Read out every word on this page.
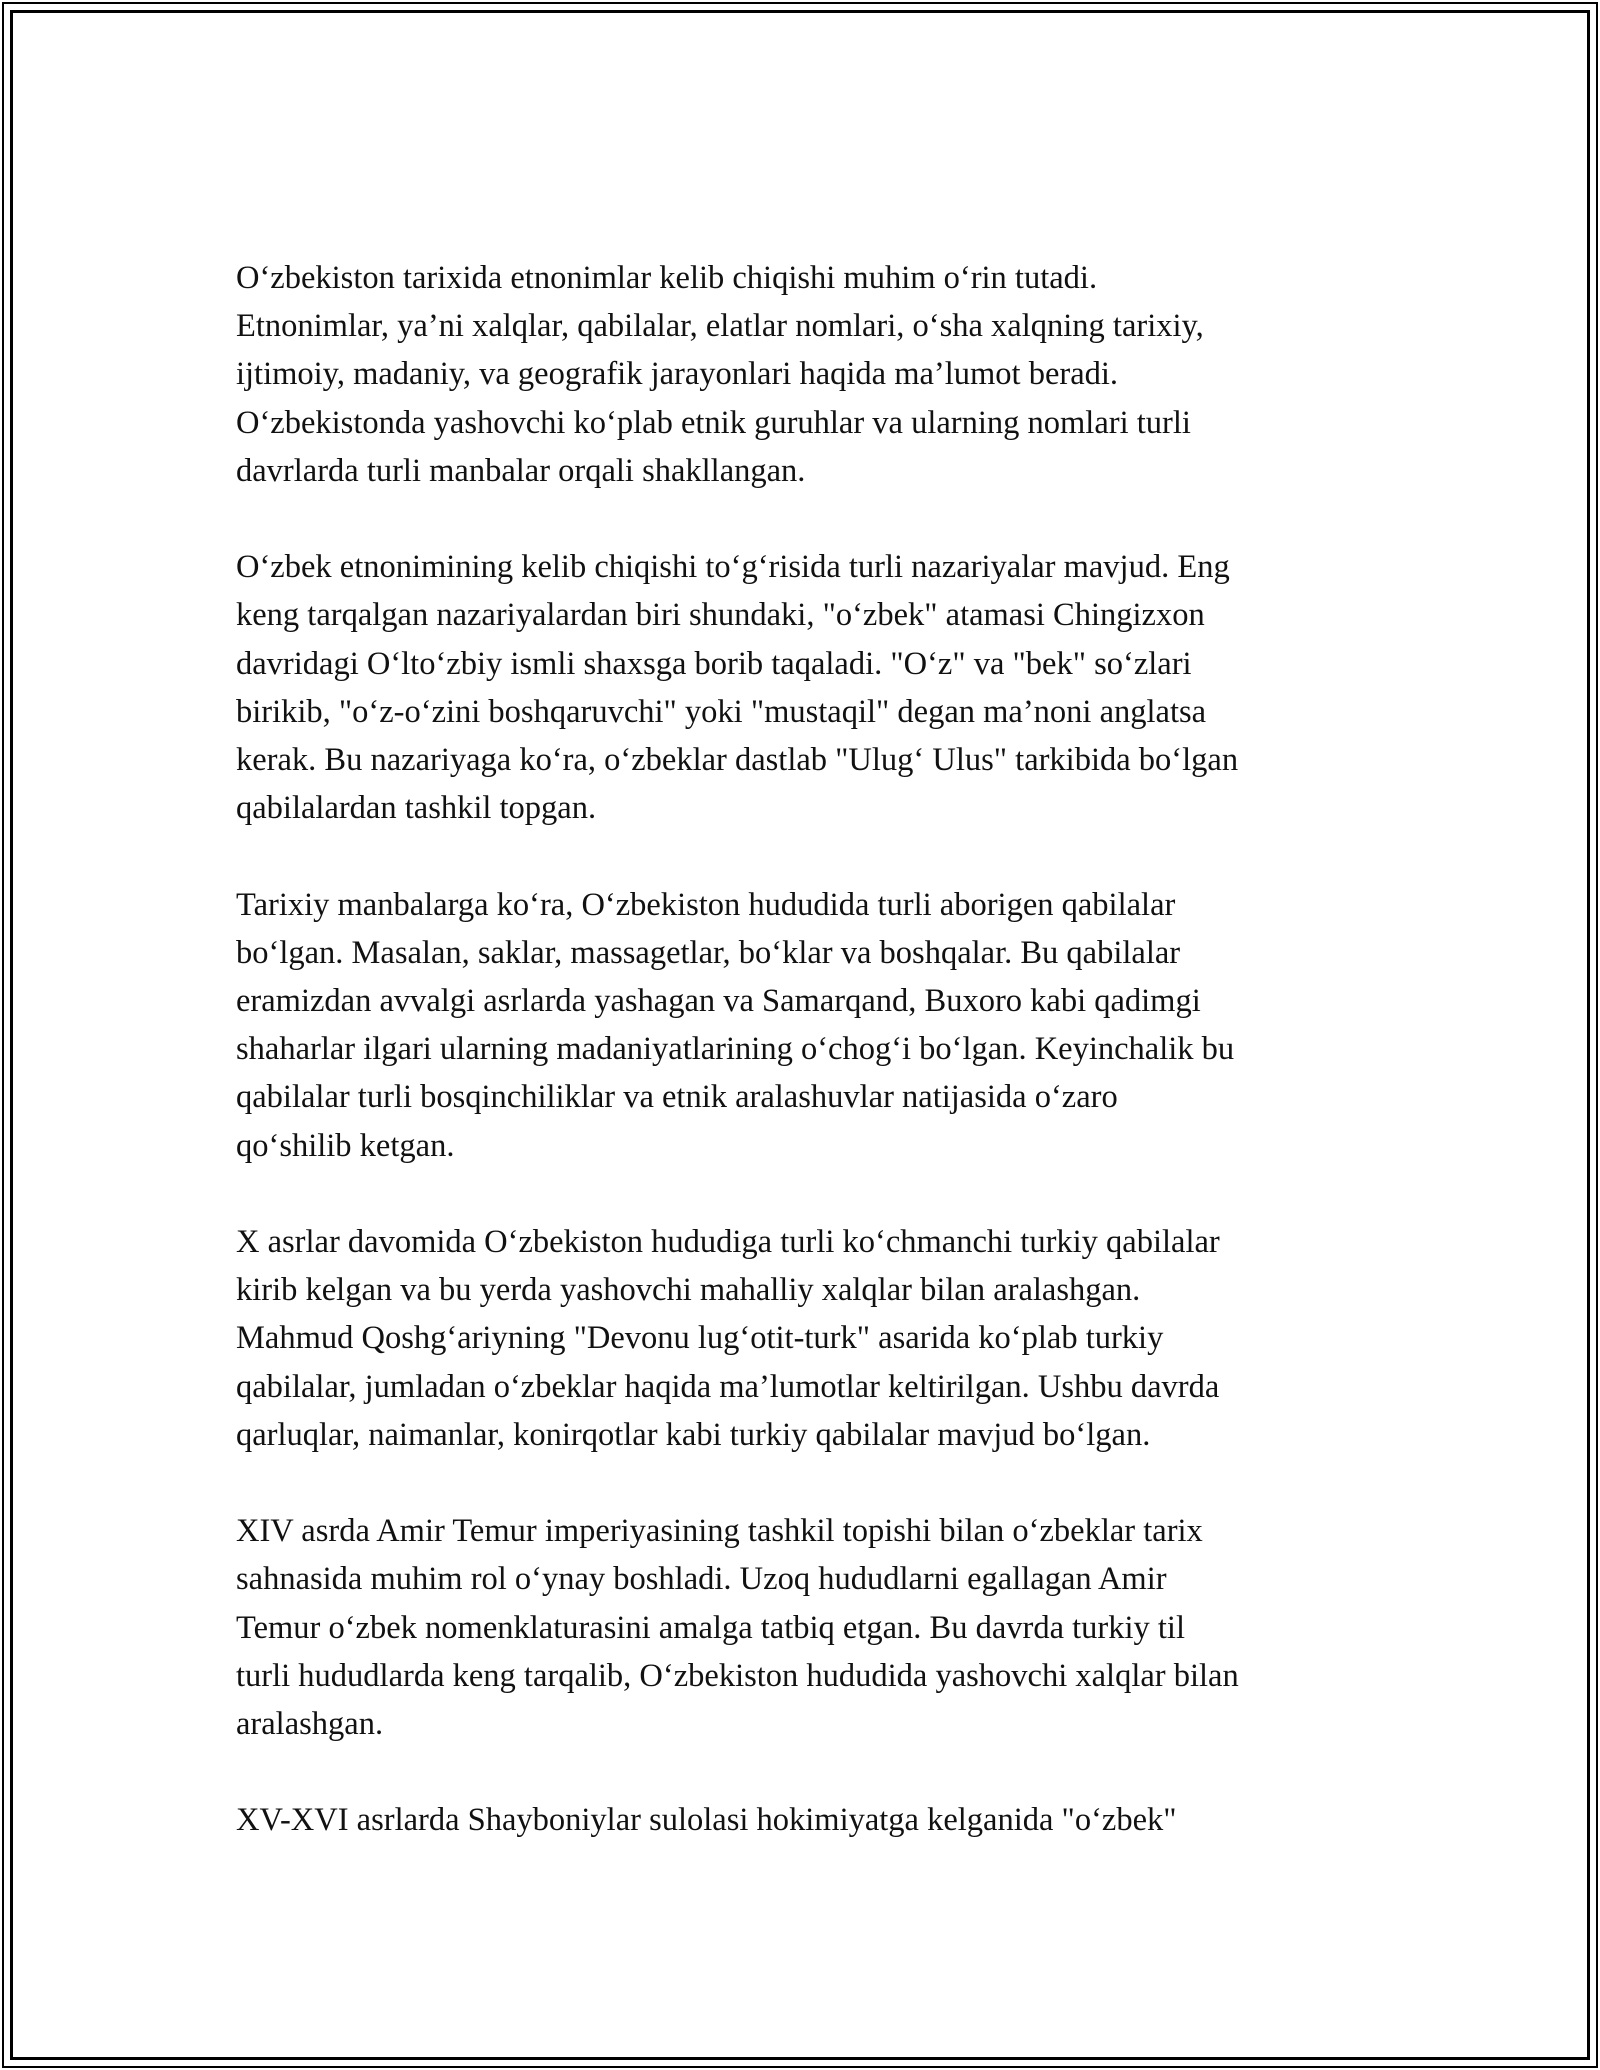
O‘zbekiston tarixida etnonimlar kelib chiqishi muhim o‘rin tutadi.
Etnonimlar, ya’ni xalqlar, qabilalar, elatlar nomlari, o‘sha xalqning tarixiy,
ijtimoiy, madaniy, va geografik jarayonlari haqida ma’lumot beradi.
O‘zbekistonda yashovchi ko‘plab etnik guruhlar va ularning nomlari turli
davrlarda turli manbalar orqali shakllangan.

O‘zbek etnonimining kelib chiqishi to‘g‘risida turli nazariyalar mavjud. Eng
keng tarqalgan nazariyalardan biri shundaki, "o‘zbek" atamasi Chingizxon
davridagi O‘lto‘zbiy ismli shaxsga borib taqaladi. "O‘z" va "bek" so‘zlari
birikib, "o‘z-o‘zini boshqaruvchi" yoki "mustaqil" degan ma’noni anglatsa
kerak. Bu nazariyaga ko‘ra, o‘zbeklar dastlab "Ulug‘ Ulus" tarkibida bo‘lgan
qabilalardan tashkil topgan.

Tarixiy manbalarga ko‘ra, O‘zbekiston hududida turli aborigen qabilalar
bo‘lgan. Masalan, saklar, massagetlar, bo‘klar va boshqalar. Bu qabilalar
eramizdan avvalgi asrlarda yashagan va Samarqand, Buxoro kabi qadimgi
shaharlar ilgari ularning madaniyatlarining o‘chog‘i bo‘lgan. Keyinchalik bu
qabilalar turli bosqinchiliklar va etnik aralashuvlar natijasida o‘zaro
qo‘shilib ketgan.

X asrlar davomida O‘zbekiston hududiga turli ko‘chmanchi turkiy qabilalar
kirib kelgan va bu yerda yashovchi mahalliy xalqlar bilan aralashgan.
Mahmud Qoshg‘ariyning "Devonu lug‘otit-turk" asarida ko‘plab turkiy
qabilalar, jumladan o‘zbeklar haqida ma’lumotlar keltirilgan. Ushbu davrda
qarluqlar, naimanlar, konirqotlar kabi turkiy qabilalar mavjud bo‘lgan.

XIV asrda Amir Temur imperiyasining tashkil topishi bilan o‘zbeklar tarix
sahnasida muhim rol o‘ynay boshladi. Uzoq hududlarni egallagan Amir
Temur o‘zbek nomenklaturasini amalga tatbiq etgan. Bu davrda turkiy til
turli hududlarda keng tarqalib, O‘zbekiston hududida yashovchi xalqlar bilan
aralashgan.

XV-XVI asrlarda Shayboniylar sulolasi hokimiyatga kelganida "o‘zbek"
